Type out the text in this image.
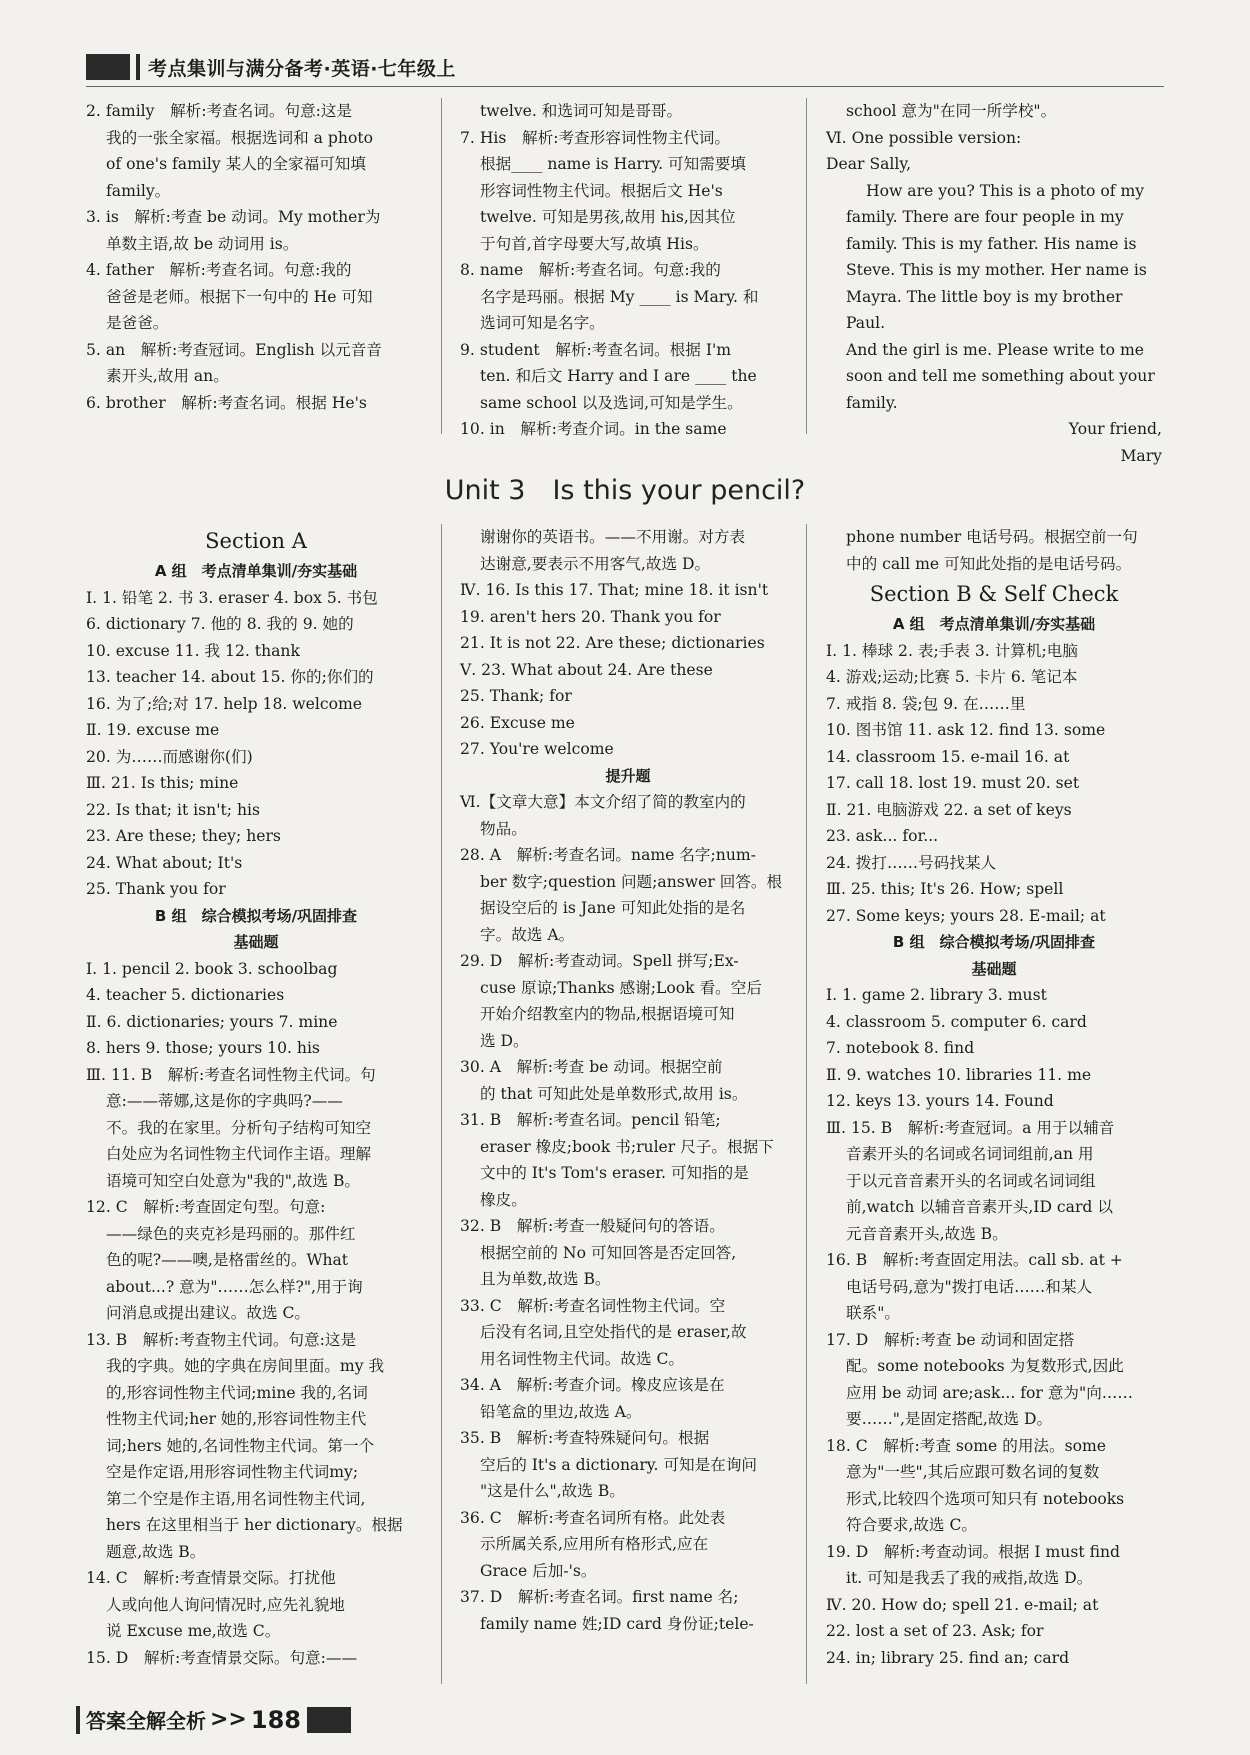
考点集训与满分备考·英语·七年级上

2. family　解析:考查名词。句意:这是

我的一张全家福。根据选词和 a photo

of one's family 某人的全家福可知填

family。

3. is　解析:考查 be 动词。My mother为

单数主语,故 be 动词用 is。

4. father　解析:考查名词。句意:我的

爸爸是老师。根据下一句中的 He 可知

是爸爸。

5. an　解析:考查冠词。English 以元音音

素开头,故用 an。

6. brother　解析:考查名词。根据 He's

twelve. 和选词可知是哥哥。

7. His　解析:考查形容词性物主代词。

根据____ name is Harry. 可知需要填

形容词性物主代词。根据后文 He's

twelve. 可知是男孩,故用 his,因其位

于句首,首字母要大写,故填 His。

8. name　解析:考查名词。句意:我的

名字是玛丽。根据 My ____ is Mary. 和

选词可知是名字。

9. student　解析:考查名词。根据 I'm

ten. 和后文 Harry and I are ____ the

same school 以及选词,可知是学生。

10. in　解析:考查介词。in the same

school 意为"在同一所学校"。

Ⅵ. One possible version:

Dear Sally,

How are you? This is a photo of my

family. There are four people in my

family. This is my father. His name is

Steve. This is my mother. Her name is

Mayra. The little boy is my brother Paul.

And the girl is me. Please write to me

soon and tell me something about your

family.

Your friend,

Mary

Unit 3　Is this your pencil?

Section A

A 组　考点清单集训/夯实基础

Ⅰ. 1. 铅笔 2. 书 3. eraser 4. box 5. 书包

6. dictionary 7. 他的 8. 我的 9. 她的

10. excuse 11. 我 12. thank

13. teacher 14. about 15. 你的;你们的

16. 为了;给;对 17. help 18. welcome

Ⅱ. 19. excuse me

20. 为……而感谢你(们)

Ⅲ. 21. Is this; mine

22. Is that; it isn't; his

23. Are these; they; hers

24. What about; It's

25. Thank you for

B 组　综合模拟考场/巩固排查

基础题

Ⅰ. 1. pencil 2. book 3. schoolbag

4. teacher 5. dictionaries

Ⅱ. 6. dictionaries; yours 7. mine

8. hers 9. those; yours 10. his

Ⅲ. 11. B　解析:考查名词性物主代词。句

意:——蒂娜,这是你的字典吗?——

不。我的在家里。分析句子结构可知空

白处应为名词性物主代词作主语。理解

语境可知空白处意为"我的",故选 B。

12. C　解析:考查固定句型。句意:

——绿色的夹克衫是玛丽的。那件红

色的呢?——噢,是格雷丝的。What

about...? 意为"……怎么样?",用于询

问消息或提出建议。故选 C。

13. B　解析:考查物主代词。句意:这是

我的字典。她的字典在房间里面。my 我

的,形容词性物主代词;mine 我的,名词

性物主代词;her 她的,形容词性物主代

词;hers 她的,名词性物主代词。第一个

空是作定语,用形容词性物主代词my;

第二个空是作主语,用名词性物主代词,

hers 在这里相当于 her dictionary。根据

题意,故选 B。

14. C　解析:考查情景交际。打扰他

人或向他人询问情况时,应先礼貌地

说 Excuse me,故选 C。

15. D　解析:考查情景交际。句意:——

谢谢你的英语书。——不用谢。对方表

达谢意,要表示不用客气,故选 D。

Ⅳ. 16. Is this 17. That; mine 18. it isn't

19. aren't hers 20. Thank you for

21. It is not 22. Are these; dictionaries

Ⅴ. 23. What about 24. Are these

25. Thank; for

26. Excuse me

27. You're welcome

提升题

Ⅵ.【文章大意】本文介绍了简的教室内的

物品。

28. A　解析:考查名词。name 名字;num-

ber 数字;question 问题;answer 回答。根

据设空后的 is Jane 可知此处指的是名

字。故选 A。

29. D　解析:考查动词。Spell 拼写;Ex-

cuse 原谅;Thanks 感谢;Look 看。空后

开始介绍教室内的物品,根据语境可知

选 D。

30. A　解析:考查 be 动词。根据空前

的 that 可知此处是单数形式,故用 is。

31. B　解析:考查名词。pencil 铅笔;

eraser 橡皮;book 书;ruler 尺子。根据下

文中的 It's Tom's eraser. 可知指的是

橡皮。

32. B　解析:考查一般疑问句的答语。

根据空前的 No 可知回答是否定回答,

且为单数,故选 B。

33. C　解析:考查名词性物主代词。空

后没有名词,且空处指代的是 eraser,故

用名词性物主代词。故选 C。

34. A　解析:考查介词。橡皮应该是在

铅笔盒的里边,故选 A。

35. B　解析:考查特殊疑问句。根据

空后的 It's a dictionary. 可知是在询问

"这是什么",故选 B。

36. C　解析:考查名词所有格。此处表

示所属关系,应用所有格形式,应在

Grace 后加-'s。

37. D　解析:考查名词。first name 名;

family name 姓;ID card 身份证;tele-

phone number 电话号码。根据空前一句

中的 call me 可知此处指的是电话号码。

Section B & Self Check

A 组　考点清单集训/夯实基础

Ⅰ. 1. 棒球 2. 表;手表 3. 计算机;电脑

4. 游戏;运动;比赛 5. 卡片 6. 笔记本

7. 戒指 8. 袋;包 9. 在……里

10. 图书馆 11. ask 12. find 13. some

14. classroom 15. e-mail 16. at

17. call 18. lost 19. must 20. set

Ⅱ. 21. 电脑游戏 22. a set of keys

23. ask... for...

24. 拨打……号码找某人

Ⅲ. 25. this; It's 26. How; spell

27. Some keys; yours 28. E-mail; at

B 组　综合模拟考场/巩固排查

基础题

Ⅰ. 1. game 2. library 3. must

4. classroom 5. computer 6. card

7. notebook 8. find

Ⅱ. 9. watches 10. libraries 11. me

12. keys 13. yours 14. Found

Ⅲ. 15. B　解析:考查冠词。a 用于以辅音

音素开头的名词或名词词组前,an 用

于以元音音素开头的名词或名词词组

前,watch 以辅音音素开头,ID card 以

元音音素开头,故选 B。

16. B　解析:考查固定用法。call sb. at +

电话号码,意为"拨打电话……和某人

联系"。

17. D　解析:考查 be 动词和固定搭

配。some notebooks 为复数形式,因此

应用 be 动词 are;ask... for 意为"向……

要……",是固定搭配,故选 D。

18. C　解析:考查 some 的用法。some

意为"一些",其后应跟可数名词的复数

形式,比较四个选项可知只有 notebooks

符合要求,故选 C。

19. D　解析:考查动词。根据 I must find

it. 可知是我丢了我的戒指,故选 D。

Ⅳ. 20. How do; spell 21. e-mail; at

22. lost a set of 23. Ask; for

24. in; library 25. find an; card

答案全解全析 >> 188
